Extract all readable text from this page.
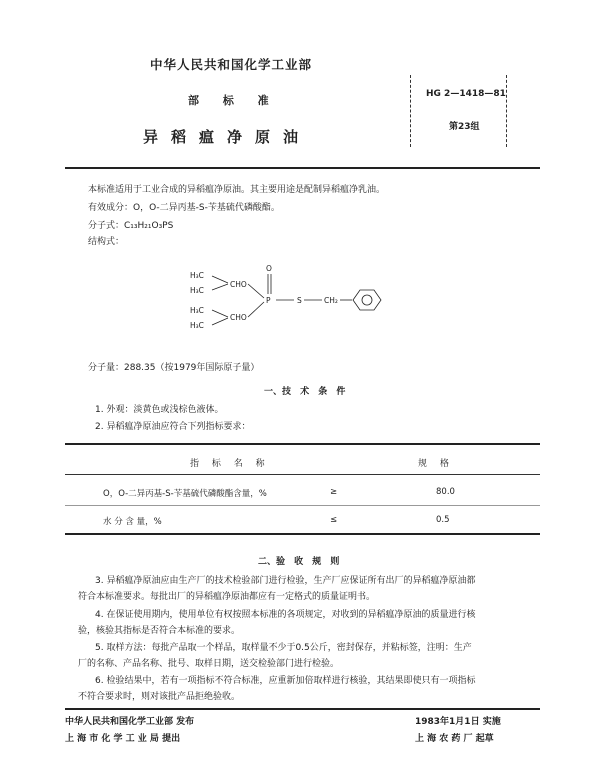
中华人民共和国化学工业部
部 标 准
异稻瘟净原油
HG 2—1418—81
第23组
本标准适用于工业合成的异稻瘟净原油。其主要用途是配制异稻瘟净乳油。
有效成分：O，O-二异丙基-S-苄基硫代磷酸酯。
分子式：C₁₃H₂₁O₃PS
结构式：
H₃C
H₃C
H₃C
H₃C
CHO
CHO
O
P	S	CH₂
分子量：288.35（按1979年国际原子量）
一、技 术 条 件
1. 外观：淡黄色或浅棕色液体。
2. 异稻瘟净原油应符合下列指标要求：
指 标 名 称	规 格
O，O-二异丙基-S-苄基硫代磷酸酯含量，%	≥	80.0
水 分 含 量，%	≤	0.5
二、验 收 规 则
3. 异稻瘟净原油应由生产厂的技术检验部门进行检验，生产厂应保证所有出厂的异稻瘟净原油都
符合本标准要求。每批出厂的异稻瘟净原油都应有一定格式的质量证明书。
4. 在保证使用期内，使用单位有权按照本标准的各项规定，对收到的异稻瘟净原油的质量进行核
验，核验其指标是否符合本标准的要求。
5. 取样方法：每批产品取一个样品，取样量不少于0.5公斤，密封保存，并粘标签，注明：生产
厂的名称、产品名称、批号、取样日期，送交检验部门进行检验。
6. 检验结果中，若有一项指标不符合标准，应重新加倍取样进行核验，其结果即使只有一项指标
不符合要求时，则对该批产品拒绝验收。
中华人民共和国化学工业部 发布
上 海 市 化 学 工 业 局 提出
1983年1月1日 实施
上 海 农 药 厂 起草
